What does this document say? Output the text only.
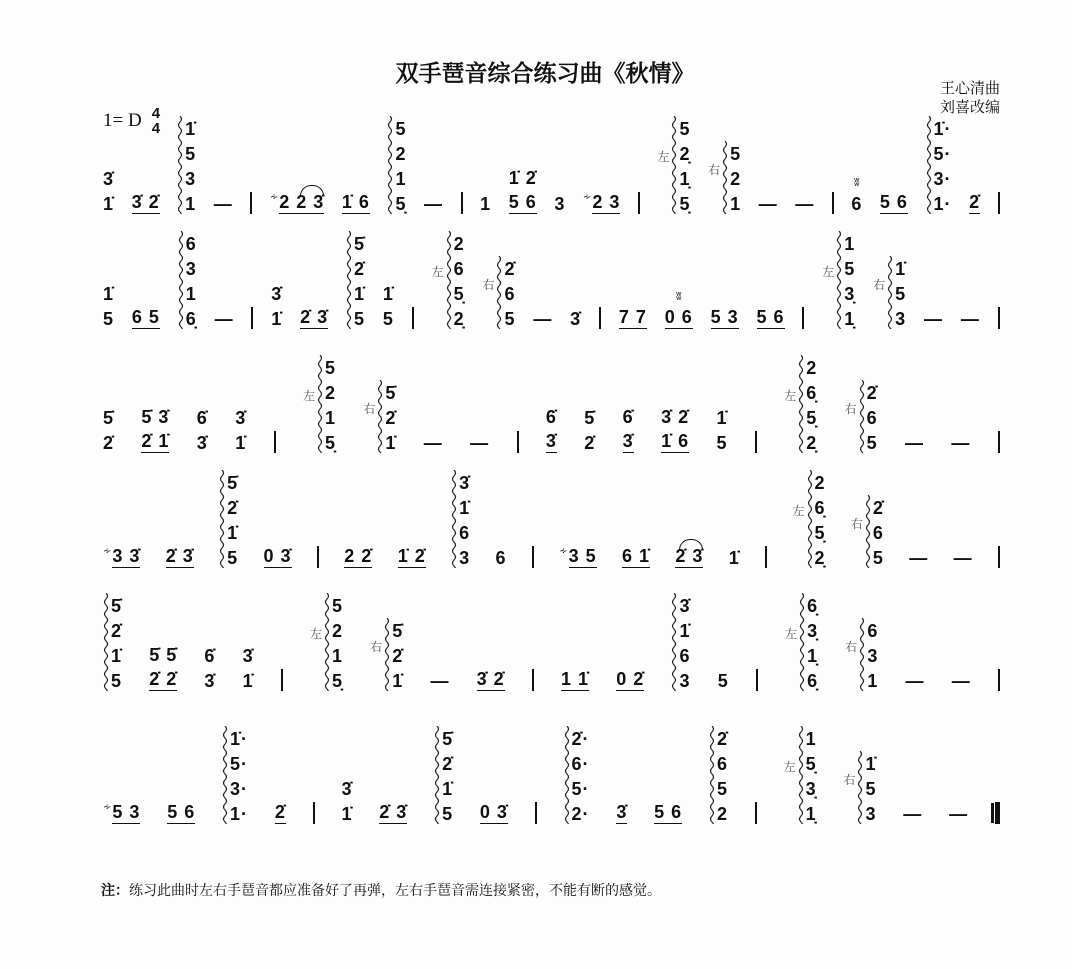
双手琶音综合练习曲《秋情》
1= D 4
4
王心清曲
刘喜改编
3̇
1̇ 3̇ 2̇
1̇
5
3
1 —	∻ 2 2 3̇ 1̇ 6
5
2
1
5̣ — 1
1̇ 2̇
5 6 3 ∻ 2 3
左
5
2̣
1̣
5̣
右
5
2
1 — — 6
ʬ
5 6
1̇·
5·
3·
1· 2̇
1̇
5 6 5
6
3
1
6̣ —
3̇
1̇ 2̇ 3̇
5̇
2̇
1̇
5
1̇
5
左
2
6
5̣
2̣
右
2̇
6
5 — 3̇ 7 7 0 6
ʬ
5 3 5 6
左
1
5
3̣
1̣
右
1̇
5
3 — —
5̇
2̇
5̇ 3̇
2̇ 1̇
6̇
3̇
3̇
1̇
左
5
2
1
5̣
右
5̇
2̇
1̇ — —
6̇
3̇
5̇
2̇
6̇
3̇
3̇ 2̇
1̇ 6
1̇
5
左
2
6̣
5̣
2̣
右
2̇
6
5 — —
∻ 3 3̇ 2̇ 3̇
5̇
2̇
1̇
5 0 3̇	2 2̇ 1̇ 2̇
3̇
1̇
6
3 6	∻ 3 5 6 1̇ 2̇ 3̇ 1̇
左
2
6̣
5̣
2̣
右
2̇
6
5 — —
5̇
2̇
1̇
5
5̇ 5̇
2̇ 2̇
6̇
3̇
3̇
1̇
左
5
2
1
5̣
右
5̇
2̇
1̇ — 3̇ 2̇	1 1̇ 0 2̇
3̇
1̇
6
3 5
左
6̣
3̣
1̣
6̣
右
6
3
1 — —
∻ 5 3 5 6
1̇·
5·
3·
1· 2̇
3̇
1̇ 2̇ 3̇
5̇
2̇
1̇
5 0 3̇
2̇·
6·
5·
2· 3̇ 5 6
2̇
6
5
2
左
1
5̣
3̣
1̣
右
1̇
5
3 — —
注：练习此曲时左右手琶音都应准备好了再弹，左右手琶音需连接紧密，不能有断的感觉。
